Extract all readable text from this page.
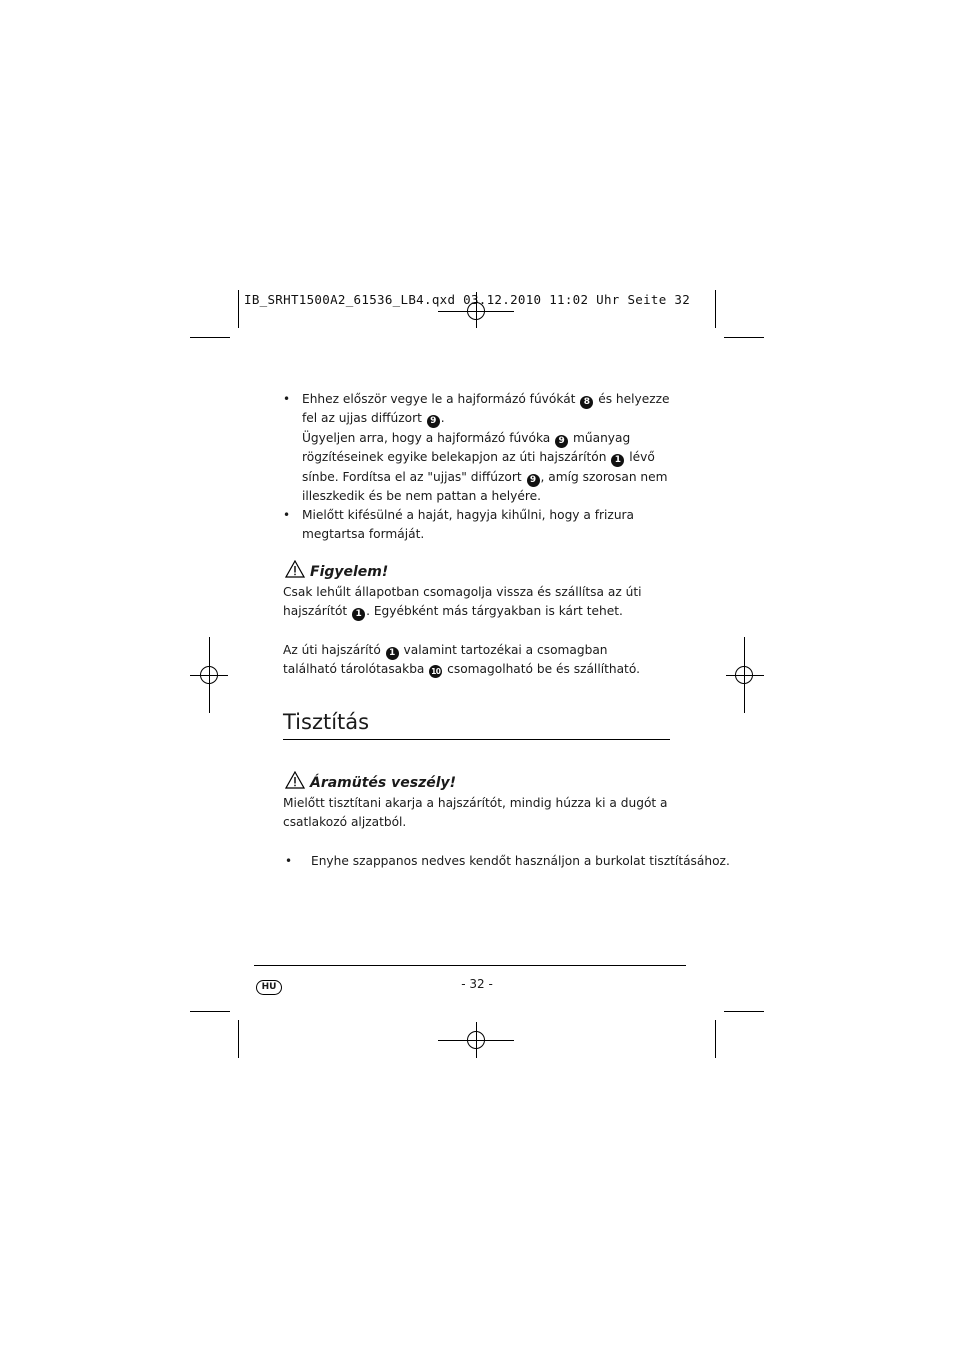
IB_SRHT1500A2_61536_LB4.qxd 03.12.2010 11:02 Uhr Seite 32
• Ehhez először vegye le a hajformázó fúvókát 8 és helyezze fel az ujjas diffúzort 9 .
Ügyeljen arra, hogy a hajformázó fúvóka 9 műanyag rögzítéseinek egyike belekapjon az úti hajszárítón 1 lévő sínbe. Fordítsa el az "ujjas" diffúzort 9 , amíg szorosan nem illeszkedik és be nem pattan a helyére.
• Mielőtt kifésülné a haját, hagyja kihűlni, hogy a frizura megtartsa formáját.
Figyelem!
Csak lehűlt állapotban csomagolja vissza és szállítsa az úti hajszárítót 1 . Egyébként más tárgyakban is kárt tehet.
Az úti hajszárító 1 valamint tartozékai a csomagban található tárolótasakba 10 csomagolható be és szállítható.
Tisztítás
Áramütés veszély!
Mielőtt tisztítani akarja a hajszárítót, mindig húzza ki a dugót a csatlakozó aljzatból.
•	Enyhe szappanos nedves kendőt használjon a burkolat tisztításához.
HU	- 32 -
